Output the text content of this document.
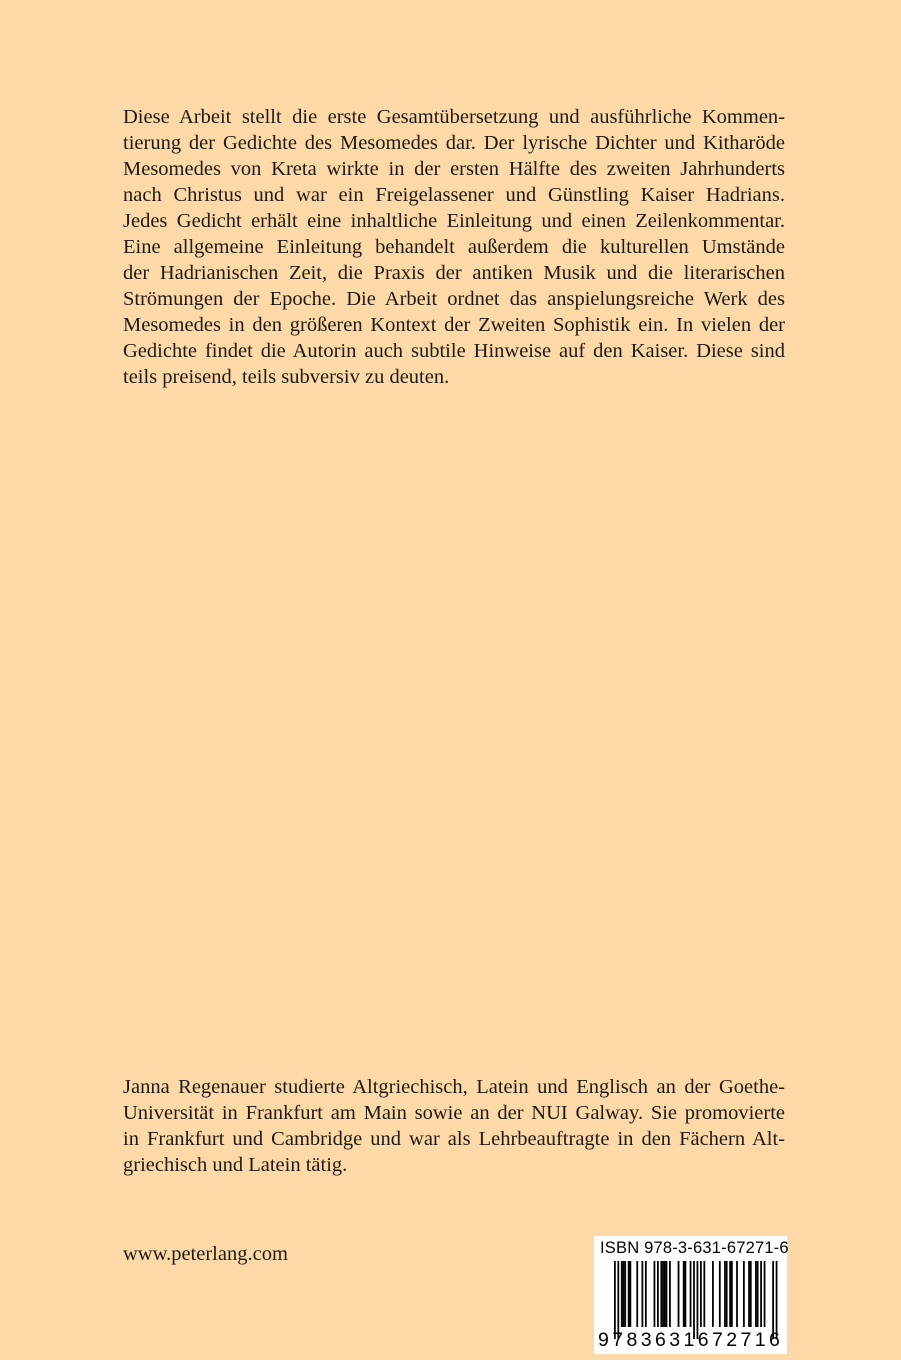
Diese Arbeit stellt die erste Gesamtübersetzung und ausführliche Kommen-
tierung der Gedichte des Mesomedes dar. Der lyrische Dichter und Kitharöde
Mesomedes von Kreta wirkte in der ersten Hälfte des zweiten Jahrhunderts
nach Christus und war ein Freigelassener und Günstling Kaiser Hadrians.
Jedes Gedicht erhält eine inhaltliche Einleitung und einen Zeilenkommentar.
Eine allgemeine Einleitung behandelt außerdem die kulturellen Umstände
der Hadrianischen Zeit, die Praxis der antiken Musik und die literarischen
Strömungen der Epoche. Die Arbeit ordnet das anspielungsreiche Werk des
Mesomedes in den größeren Kontext der Zweiten Sophistik ein. In vielen der
Gedichte findet die Autorin auch subtile Hinweise auf den Kaiser. Diese sind
teils preisend, teils subversiv zu deuten.
Janna Regenauer studierte Altgriechisch, Latein und Englisch an der Goethe-
Universität in Frankfurt am Main sowie an der NUI Galway. Sie promovierte
in Frankfurt und Cambridge und war als Lehrbeauftragte in den Fächern Alt-
griechisch und Latein tätig.
www.peterlang.com	ISBN 978-3-631-67271-6
9783631672716
